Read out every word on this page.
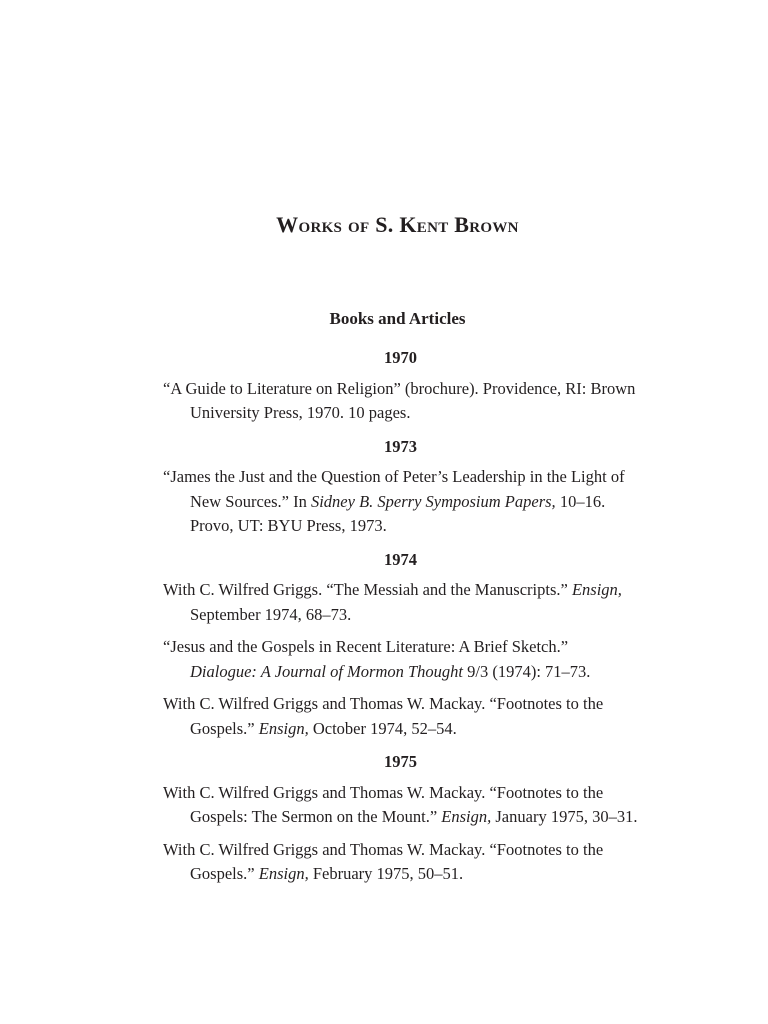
Works of S. Kent Brown
Books and Articles
1970
“A Guide to Literature on Religion” (brochure). Providence, RI: Brown University Press, 1970. 10 pages.
1973
“James the Just and the Question of Peter’s Leadership in the Light of New Sources.” In Sidney B. Sperry Symposium Papers, 10–16. Provo, UT: BYU Press, 1973.
1974
With C. Wilfred Griggs. “The Messiah and the Manuscripts.” Ensign, September 1974, 68–73.
“Jesus and the Gospels in Recent Literature: A Brief Sketch.” Dialogue: A Journal of Mormon Thought 9/3 (1974): 71–73.
With C. Wilfred Griggs and Thomas W. Mackay. “Footnotes to the Gospels.” Ensign, October 1974, 52–54.
1975
With C. Wilfred Griggs and Thomas W. Mackay. “Footnotes to the Gospels: The Sermon on the Mount.” Ensign, January 1975, 30–31.
With C. Wilfred Griggs and Thomas W. Mackay. “Footnotes to the Gospels.” Ensign, February 1975, 50–51.
